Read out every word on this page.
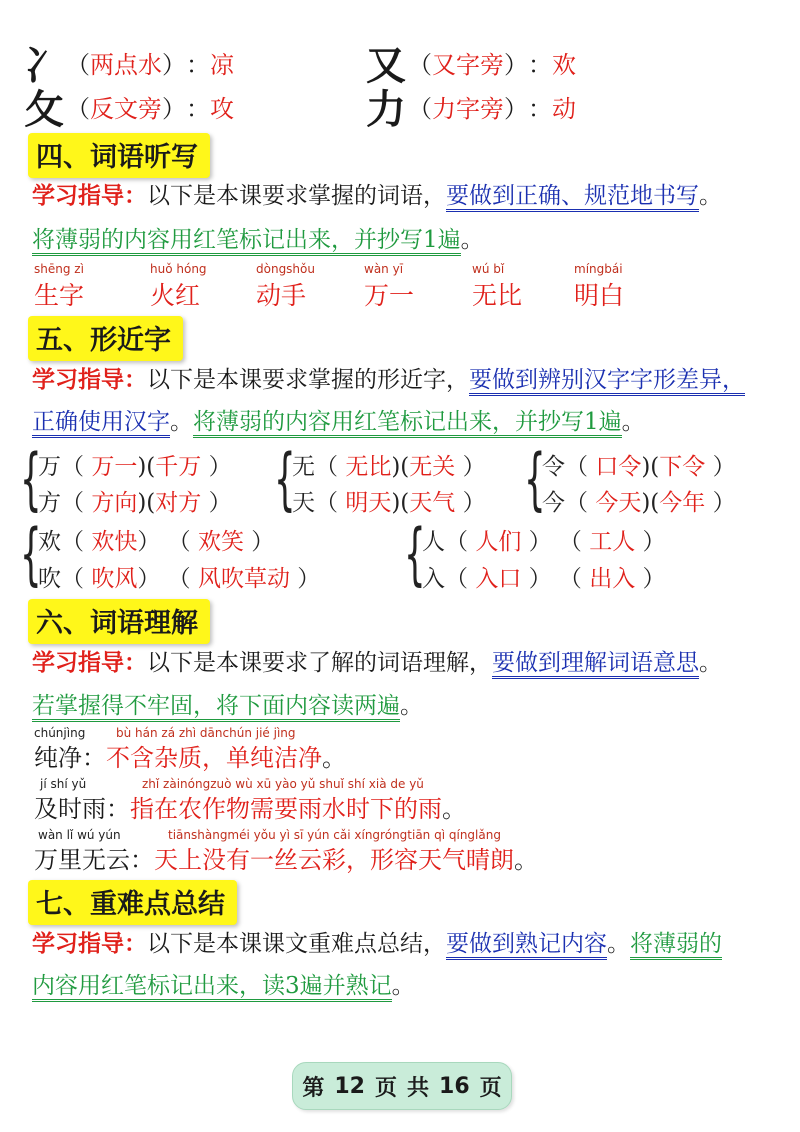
冫 （ 两点水 ） ： 凉	又 （ 又字旁 ） ： 欢
攵 （ 反文旁 ） ： 攻	力 （ 力字旁 ） ： 动
四、词语听写
学习指导：以下是本课要求掌握的词语，要做到正确、规范地书写。
将薄弱的内容用红笔标记出来，并抄写1遍。
shēng zì
生字
huǒ hóng
火红
dòngshǒu
动手
wàn yī
万一
wú bǐ
无比
míngbái
明白
五、形近字
学习指导：以下是本课要求掌握的形近字，要做到辨别汉字字形差异，
正确使用汉字。将薄弱的内容用红笔标记出来，并抄写1遍。
{
万（ 万一)(千万 ）
方（ 方向)(对方 ） {
无（ 无比)(无关 ）
天（ 明天)(天气 ） {
令（ 口令)(下令 ）
今（ 今天)(今年 ）
{
欢（ 欢快） （ 欢笑 ）
吹（ 吹风） （ 风吹草动 ） {
人（ 人们 ） （ 工人 ）
入（ 入口 ） （ 出入 ）
六、词语理解
学习指导：以下是本课要求了解的词语理解，要做到理解词语意思。
若掌握得不牢固，将下面内容读两遍。
chúnjìng	bù hán zá zhì dānchún jié jìng
纯净：不含杂质，单纯洁净。
jí shí yǔ	zhǐ zàinóngzuò wù xū yào yǔ shuǐ shí xià de yǔ
及时雨：指在农作物需要雨水时下的雨。
wàn lǐ wú yún	tiānshàngméi yǒu yì sī yún cǎi xíngróngtiān qì qínglǎng
万里无云：天上没有一丝云彩，形容天气晴朗。
七、重难点总结
学习指导：以下是本课课文重难点总结，要做到熟记内容。将薄弱的
内容用红笔标记出来，读3遍并熟记。
第 12 页 共 16 页
